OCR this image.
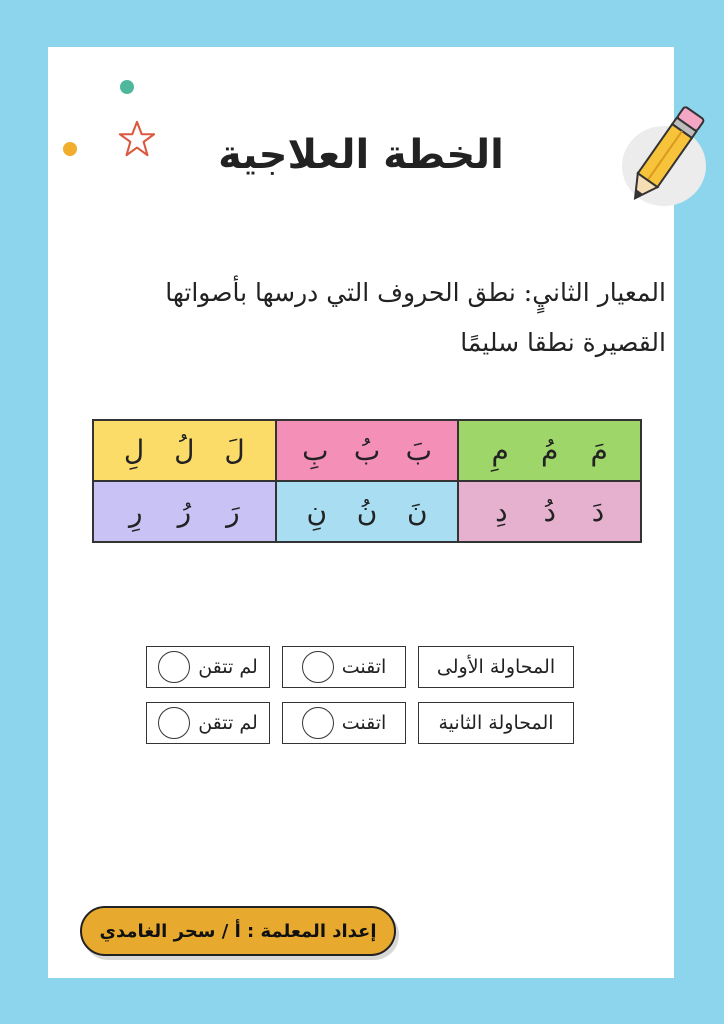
الخطة العلاجية
المعيار الثانيٍ: نطق الحروف التي درسها بأصواتها
القصيرة نطقا سليمًا
مَ
مُ
مِ
بَ
بُ
بِ
لَ
لُ
لِ
دَ
دُ
دِ
نَ
نُ
نِ
رَ
رُ
رِ
المحاولة الأولى
اتقنت
لم تتقن
المحاولة الثانية
اتقنت
لم تتقن
إعداد المعلمة : أ / سحر الغامدي
